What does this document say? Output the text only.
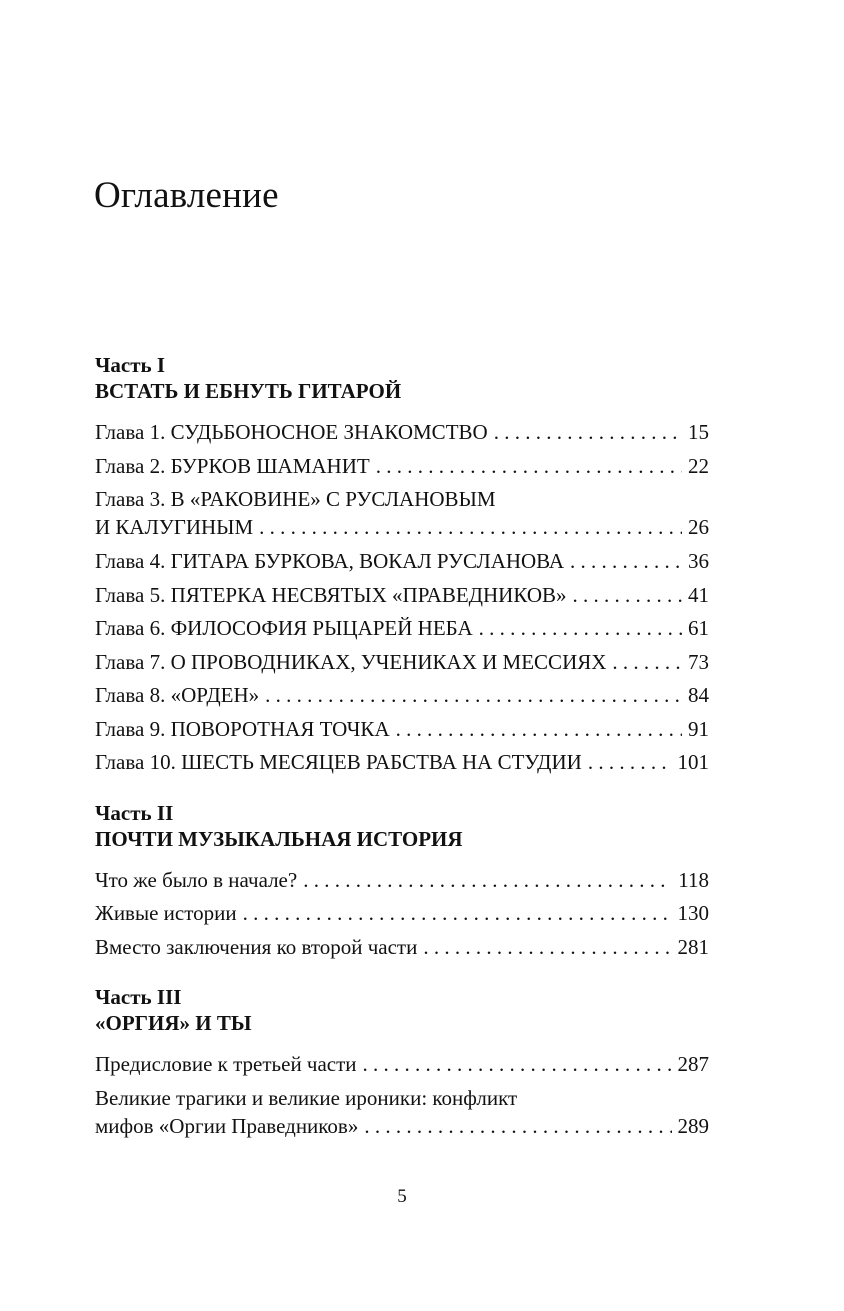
Оглавление
Часть I
ВСТАТЬ И ЕБНУТЬ ГИТАРОЙ
Глава 1. СУДЬБОНОСНОЕ ЗНАКОМСТВО . . .	15
Глава 2. БУРКОВ ШАМАНИТ . . .	22
Глава 3. В «РАКОВИНЕ» С РУСЛАНОВЫМ
И КАЛУГИНЫМ . . .	26
Глава 4. ГИТАРА БУРКОВА, ВОКАЛ РУСЛАНОВА . . .	36
Глава 5. ПЯТЕРКА НЕСВЯТЫХ «ПРАВЕДНИКОВ» . . .	41
Глава 6. ФИЛОСОФИЯ РЫЦАРЕЙ НЕБА . . .	61
Глава 7. О ПРОВОДНИКАХ, УЧЕНИКАХ И МЕССИЯХ . . .	73
Глава 8. «ОРДЕН» . . .	84
Глава 9. ПОВОРОТНАЯ ТОЧКА . . .	91
Глава 10. ШЕСТЬ МЕСЯЦЕВ РАБСТВА НА СТУДИИ . . .	101
Часть II
ПОЧТИ МУЗЫКАЛЬНАЯ ИСТОРИЯ
Что же было в начале? . . .	118
Живые истории . . .	130
Вместо заключения ко второй части . . .	281
Часть III
«ОРГИЯ» И ТЫ
Предисловие к третьей части . . .	287
Великие трагики и великие ироники: конфликт
мифов «Оргии Праведников» . . .	289
5
